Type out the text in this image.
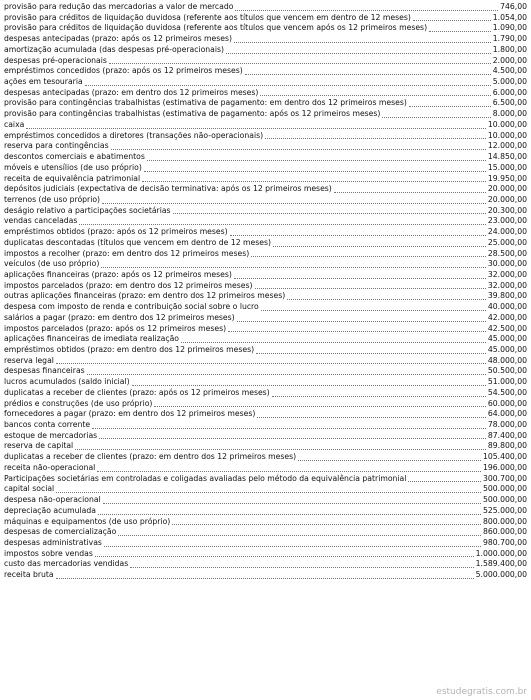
provisão para redução das mercadorias a valor de mercado	746,00
provisão para créditos de liquidação duvidosa (referente aos títulos que vencem em dentro de 12 meses)	1.054,00
provisão para créditos de liquidação duvidosa (referente aos títulos que vencem após os 12 primeiros meses)	1.090,00
despesas antecipadas (prazo: após os 12 primeiros meses)	1.790,00
amortização acumulada (das despesas pré-operacionais)	1.800,00
despesas pré-operacionais	2.000,00
empréstimos concedidos (prazo: após os 12 primeiros meses)	4.500,00
ações em tesouraria	5.000,00
despesas antecipadas (prazo: em dentro dos 12 primeiros meses)	6.000,00
provisão para contingências trabalhistas (estimativa de pagamento: em dentro dos 12 primeiros meses)	6.500,00
provisão para contingências trabalhistas (estimativa de pagamento: após os 12 primeiros meses)	8.000,00
caixa	10.000,00
empréstimos concedidos a diretores (transações não-operacionais)	10.000,00
reserva para contingências	12.000,00
descontos comerciais e abatimentos	14.850,00
móveis e utensílios (de uso próprio)	15.000,00
receita de equivalência patrimonial	19.950,00
depósitos judiciais (expectativa de decisão terminativa: após os 12 primeiros meses)	20.000,00
terrenos (de uso próprio)	20.000,00
deságio relativo a participações societárias	20.300,00
vendas canceladas	23.000,00
empréstimos obtidos (prazo: após os 12 primeiros meses)	24.000,00
duplicatas descontadas (títulos que vencem em dentro de 12 meses)	25.000,00
impostos a recolher (prazo: em dentro dos 12 primeiros meses)	28.500,00
veículos (de uso próprio)	30.000,00
aplicações financeiras (prazo: após os 12 primeiros meses)	32.000,00
impostos parcelados (prazo: em dentro dos 12 primeiros meses)	32.000,00
outras aplicações financeiras (prazo: em dentro dos 12 primeiros meses)	39.800,00
despesa com imposto de renda e contribuição social sobre o lucro	40.000,00
salários a pagar (prazo: em dentro dos 12 primeiros meses)	42.000,00
impostos parcelados (prazo: após os 12 primeiros meses)	42.500,00
aplicações financeiras de imediata realização	45.000,00
empréstimos obtidos (prazo: em dentro dos 12 primeiros meses)	45.000,00
reserva legal	48.000,00
despesas financeiras	50.500,00
lucros acumulados (saldo inicial)	51.000,00
duplicatas a receber de clientes (prazo: após os 12 primeiros meses)	54.500,00
prédios e construções (de uso próprio)	60.000,00
fornecedores a pagar (prazo: em dentro dos 12 primeiros meses)	64.000,00
bancos conta corrente	78.000,00
estoque de mercadorias	87.400,00
reserva de capital	89.800,00
duplicatas a receber de clientes (prazo: em dentro dos 12 primeiros meses)	105.400,00
receita não-operacional	196.000,00
Participações societárias em controladas e coligadas avaliadas pelo método da equivalência patrimonial	300.700,00
capital social	500.000,00
despesa não-operacional	500.000,00
depreciação acumulada	525.000,00
máquinas e equipamentos (de uso próprio)	800.000,00
despesas de comercialização	860.000,00
despesas administrativas	980.700,00
impostos sobre vendas	1.000.000,00
custo das mercadorias vendidas	1.589.400,00
receita bruta	5.000.000,00
estudegratis.com.br
